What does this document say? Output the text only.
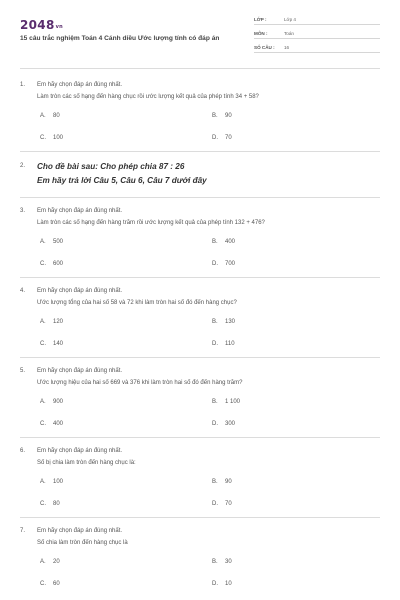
2048vn
15 câu trắc nghiệm Toán 4 Cánh diều Ước lượng tính có đáp án
LỚP :	Lớp 4
MÔN :	Toán
SỐ CÂU : 16
1. Em hãy chọn đáp án đúng nhất.
Làm tròn các số hạng đến hàng chục rồi ước lượng kết quả của phép tính 34 + 58?
A. 80	B. 90
C. 100	D. 70
2. Cho đề bài sau: Cho phép chia 87 : 26
Em hãy trả lời Câu 5, Câu 6, Câu 7 dưới đây
3. Em hãy chọn đáp án đúng nhất.
Làm tròn các số hạng đến hàng trăm rồi ước lượng kết quả của phép tính 132 + 476?
A. 500	B. 400
C. 600	D. 700
4. Em hãy chọn đáp án đúng nhất.
Ước lượng tổng của hai số 58 và 72 khi làm tròn hai số đó đến hàng chục?
A. 120	B. 130
C. 140	D. 110
5. Em hãy chọn đáp án đúng nhất.
Ước lượng hiệu của hai số 669 và 376 khi làm tròn hai số đó đến hàng trăm?
A. 900	B. 1 100
C. 400	D. 300
6. Em hãy chọn đáp án đúng nhất.
Số bị chia làm tròn đến hàng chục là:
A. 100	B. 90
C. 80	D. 70
7. Em hãy chọn đáp án đúng nhất.
Số chia làm tròn đến hàng chục là
A. 20	B. 30
C. 60	D. 10
